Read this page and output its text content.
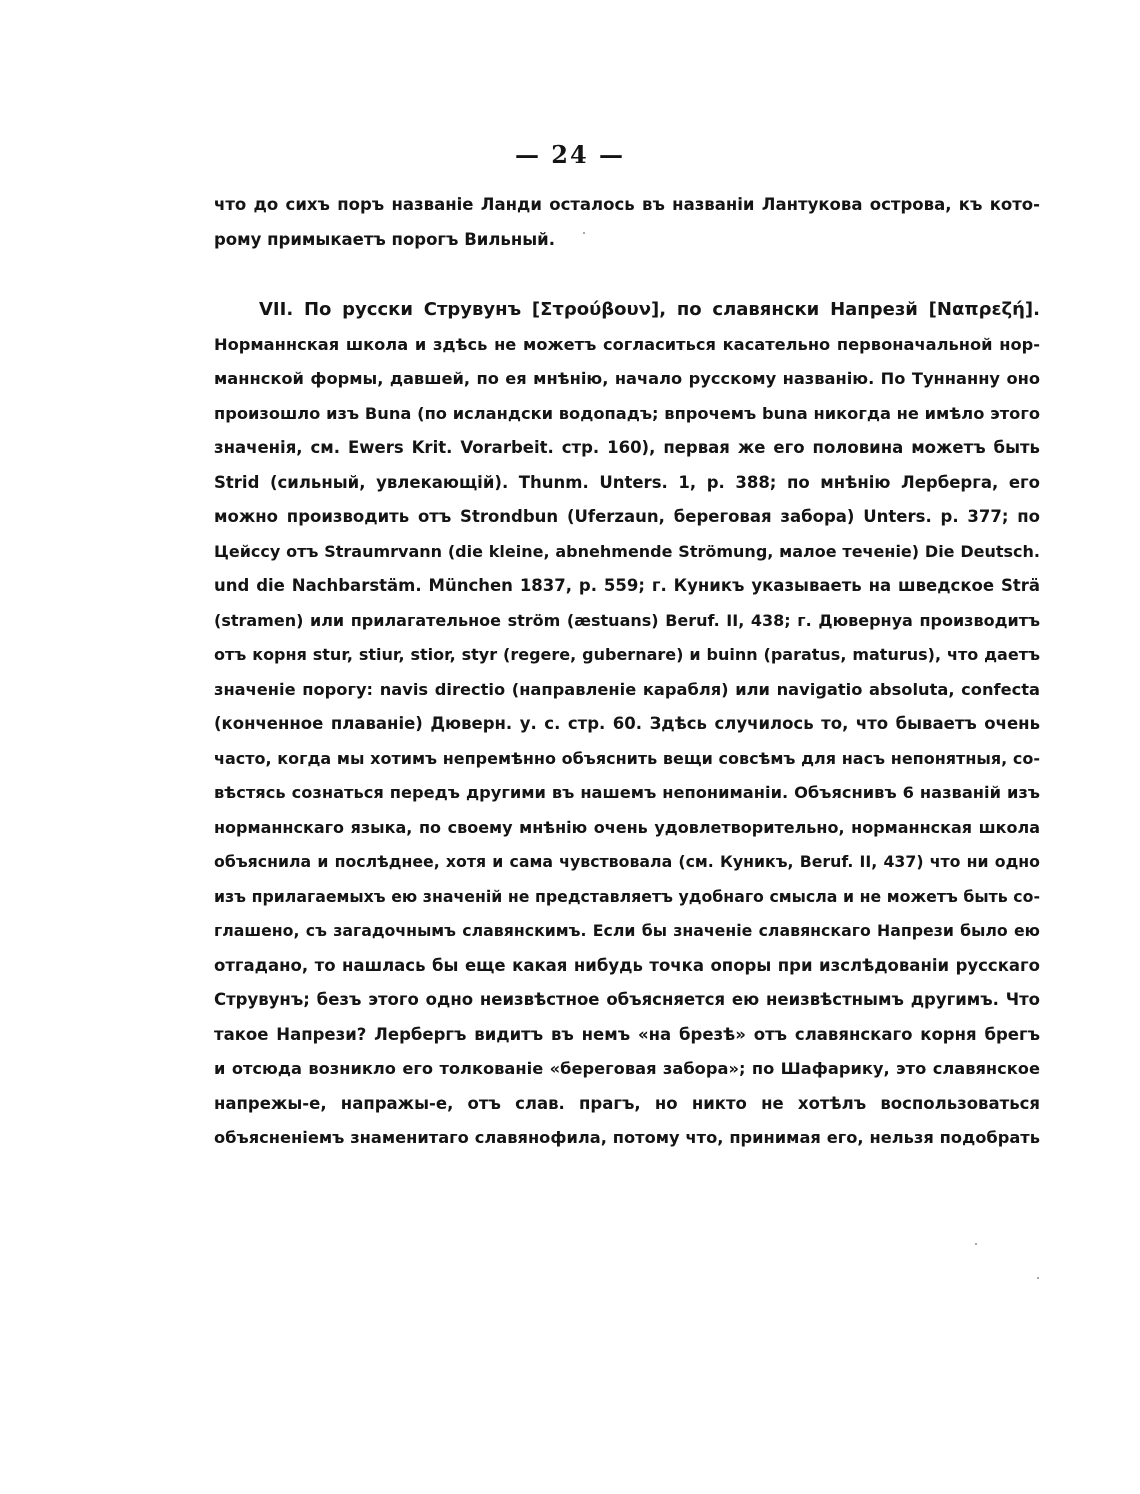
— 24 —
что до сихъ поръ названіе Ланди осталось въ названіи Лантукова острова, къ кото-
рому примыкаетъ порогъ Вильный.
VII. По русски Струвунъ [Στρούβουν], по славянски Напрезй [Ναπρεζή].
Норманнская школа и здѣсь не можетъ согласиться касательно первоначальной нор-
маннской формы, давшей, по ея мнѣнію, начало русскому названію. По Туннанну оно
произошло изъ Buna (по исландски водопадъ; впрочемъ buna никогда не имѣло этого
значенія, см. Ewers Krit. Vorarbeit. стр. 160), первая же его половина можетъ быть
Strid (сильный, увлекающій). Thunm. Unters. 1, p. 388; по мнѣнію Лерберга, его
можно производить отъ Strondbun (Uferzaun, береговая забора) Unters. p. 377; по
Цейссу отъ Straumrvann (die kleine, abnehmende Strömung, малое теченіе) Die Deutsch.
und die Nachbarstäm. München 1837, p. 559; г. Куникъ указываеть на шведское Strä
(stramen) или прилагательное ström (æstuans) Beruf. II, 438; г. Дювернуа производитъ
отъ корня stur, stiur, stior, styr (regere, gubernare) и buinn (paratus, maturus), что даетъ
значеніе порогу: navis directio (направленіе карабля) или navigatio absoluta, confecta
(конченное плаваніе) Дюверн. у. с. стр. 60. Здѣсь случилось то, что бываетъ очень
часто, когда мы хотимъ непремѣнно объяснить вещи совсѣмъ для насъ непонятныя, со-
вѣстясь сознаться передъ другими въ нашемъ непониманіи. Объяснивъ 6 названій изъ
норманнскаго языка, по своему мнѣнію очень удовлетворительно, норманнская школа
объяснила и послѣднее, хотя и сама чувствовала (см. Куникъ, Beruf. II, 437) что ни одно
изъ прилагаемыхъ ею значеній не представляетъ удобнаго смысла и не можетъ быть со-
глашено, съ загадочнымъ славянскимъ. Если бы значеніе славянскаго Напрези было ею
отгадано, то нашлась бы еще какая нибудь точка опоры при изслѣдованіи русскаго
Струвунъ; безъ этого одно неизвѣстное объясняется ею неизвѣстнымъ другимъ. Что
такое Напрези? Лербергъ видитъ въ немъ «на брезѣ» отъ славянскаго корня брегъ
и отсюда возникло его толкованіе «береговая забора»; по Шафарику, это славянское
напрежы-е, напражы-е, отъ слав. прагъ, но никто не хотѣлъ воспользоваться
объясненіемъ знаменитаго славянофила, потому что, принимая его, нельзя подобрать
